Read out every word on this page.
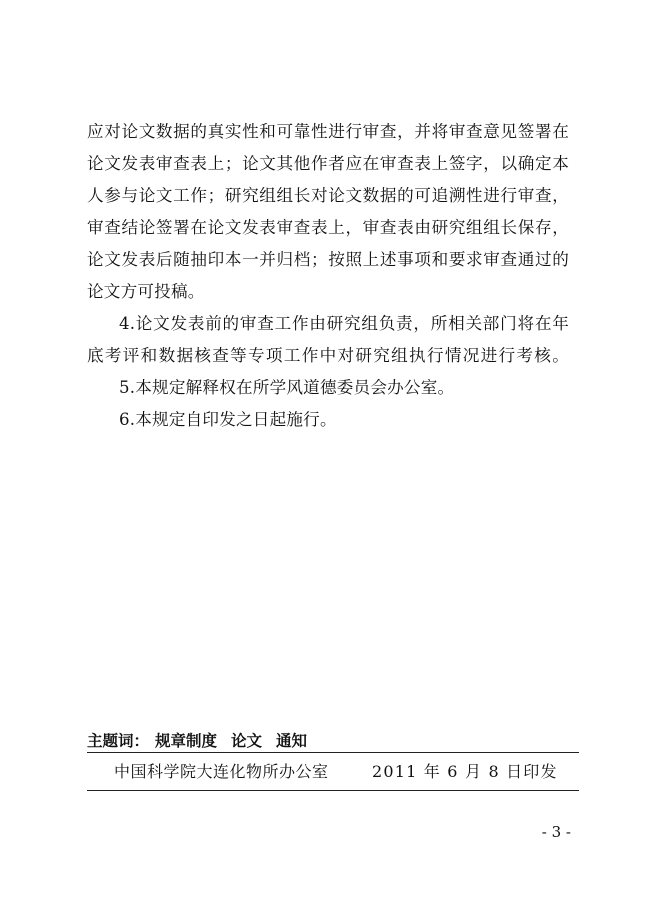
应对论文数据的真实性和可靠性进行审查，并将审查意见签署在
论文发表审查表上；论文其他作者应在审查表上签字，以确定本
人参与论文工作；研究组组长对论文数据的可追溯性进行审查，
审查结论签署在论文发表审查表上，审查表由研究组组长保存，
论文发表后随抽印本一并归档；按照上述事项和要求审查通过的
论文方可投稿。
4.论文发表前的审查工作由研究组负责，所相关部门将在年
底考评和数据核查等专项工作中对研究组执行情况进行考核。
5.本规定解释权在所学风道德委员会办公室。
6.本规定自印发之日起施行。
主题词： 规章制度 论文 通知
中国科学院大连化物所办公室	2011 年 6 月 8 日印发
- 3 -
